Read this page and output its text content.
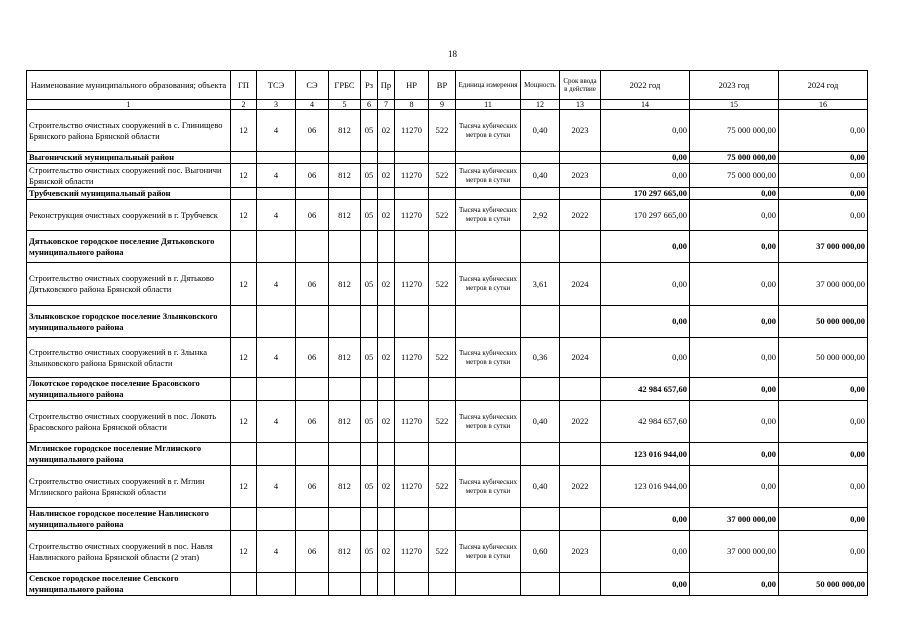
18
Наименование муниципального образования; объекта	ГП	ТСЭ	СЭ	ГРБС	Рз	Пр	НР	ВР	Единица измерения	Мощность	Срок ввода в действие	2022 год	2023 год	2024 год
1	2	3	4	5	6	7	8	9	11	12	13	14	15	16
Строительство очистных сооружений в с. Глинищево Брянского района Брянской области	12	4	06	812	05	02	11270	522	Тысяча кубических метров в сутки	0,40	2023	0,00	75 000 000,00	0,00
Выгоничский муниципальный район												0,00	75 000 000,00	0,00
Строительство очистных сооружений пос. Выгоничи Брянской области	12	4	06	812	05	02	11270	522	Тысяча кубических метров в сутки	0,40	2023	0,00	75 000 000,00	0,00
Трубчевский муниципальный район												170 297 665,00	0,00	0,00
Реконструкция очистных сооружений в г. Трубчевск	12	4	06	812	05	02	11270	522	Тысяча кубических метров в сутки	2,92	2022	170 297 665,00	0,00	0,00
Дятьковское городское поселение Дятьковского муниципального района												0,00	0,00	37 000 000,00
Строительство очистных сооружений в г. Дятьково Дятьковского района Брянской области	12	4	06	812	05	02	11270	522	Тысяча кубических метров в сутки	3,61	2024	0,00	0,00	37 000 000,00
Злынковское городское поселение Злынковского муниципального района												0,00	0,00	50 000 000,00
Строительство очистных сооружений в г. Злынка Злынковского района Брянской области	12	4	06	812	05	02	11270	522	Тысяча кубических метров в сутки	0,36	2024	0,00	0,00	50 000 000,00
Локотское городское поселение Брасовского муниципального района												42 984 657,60	0,00	0,00
Строительство очистных сооружений в пос. Локоть Брасовского района Брянской области	12	4	06	812	05	02	11270	522	Тысяча кубических метров в сутки	0,40	2022	42 984 657,60	0,00	0,00
Мглинское городское поселение Мглинского муниципального района												123 016 944,00	0,00	0,00
Строительство очистных сооружений в г. Мглин Мглинского района Брянской области	12	4	06	812	05	02	11270	522	Тысяча кубических метров в сутки	0,40	2022	123 016 944,00	0,00	0,00
Навлинское городское поселение Навлинского муниципального района												0,00	37 000 000,00	0,00
Строительство очистных сооружений в пос. Навля Навлинского района Брянской области (2 этап)	12	4	06	812	05	02	11270	522	Тысяча кубических метров в сутки	0,60	2023	0,00	37 000 000,00	0,00
Севское городское поселение Севского муниципального района												0,00	0,00	50 000 000,00
